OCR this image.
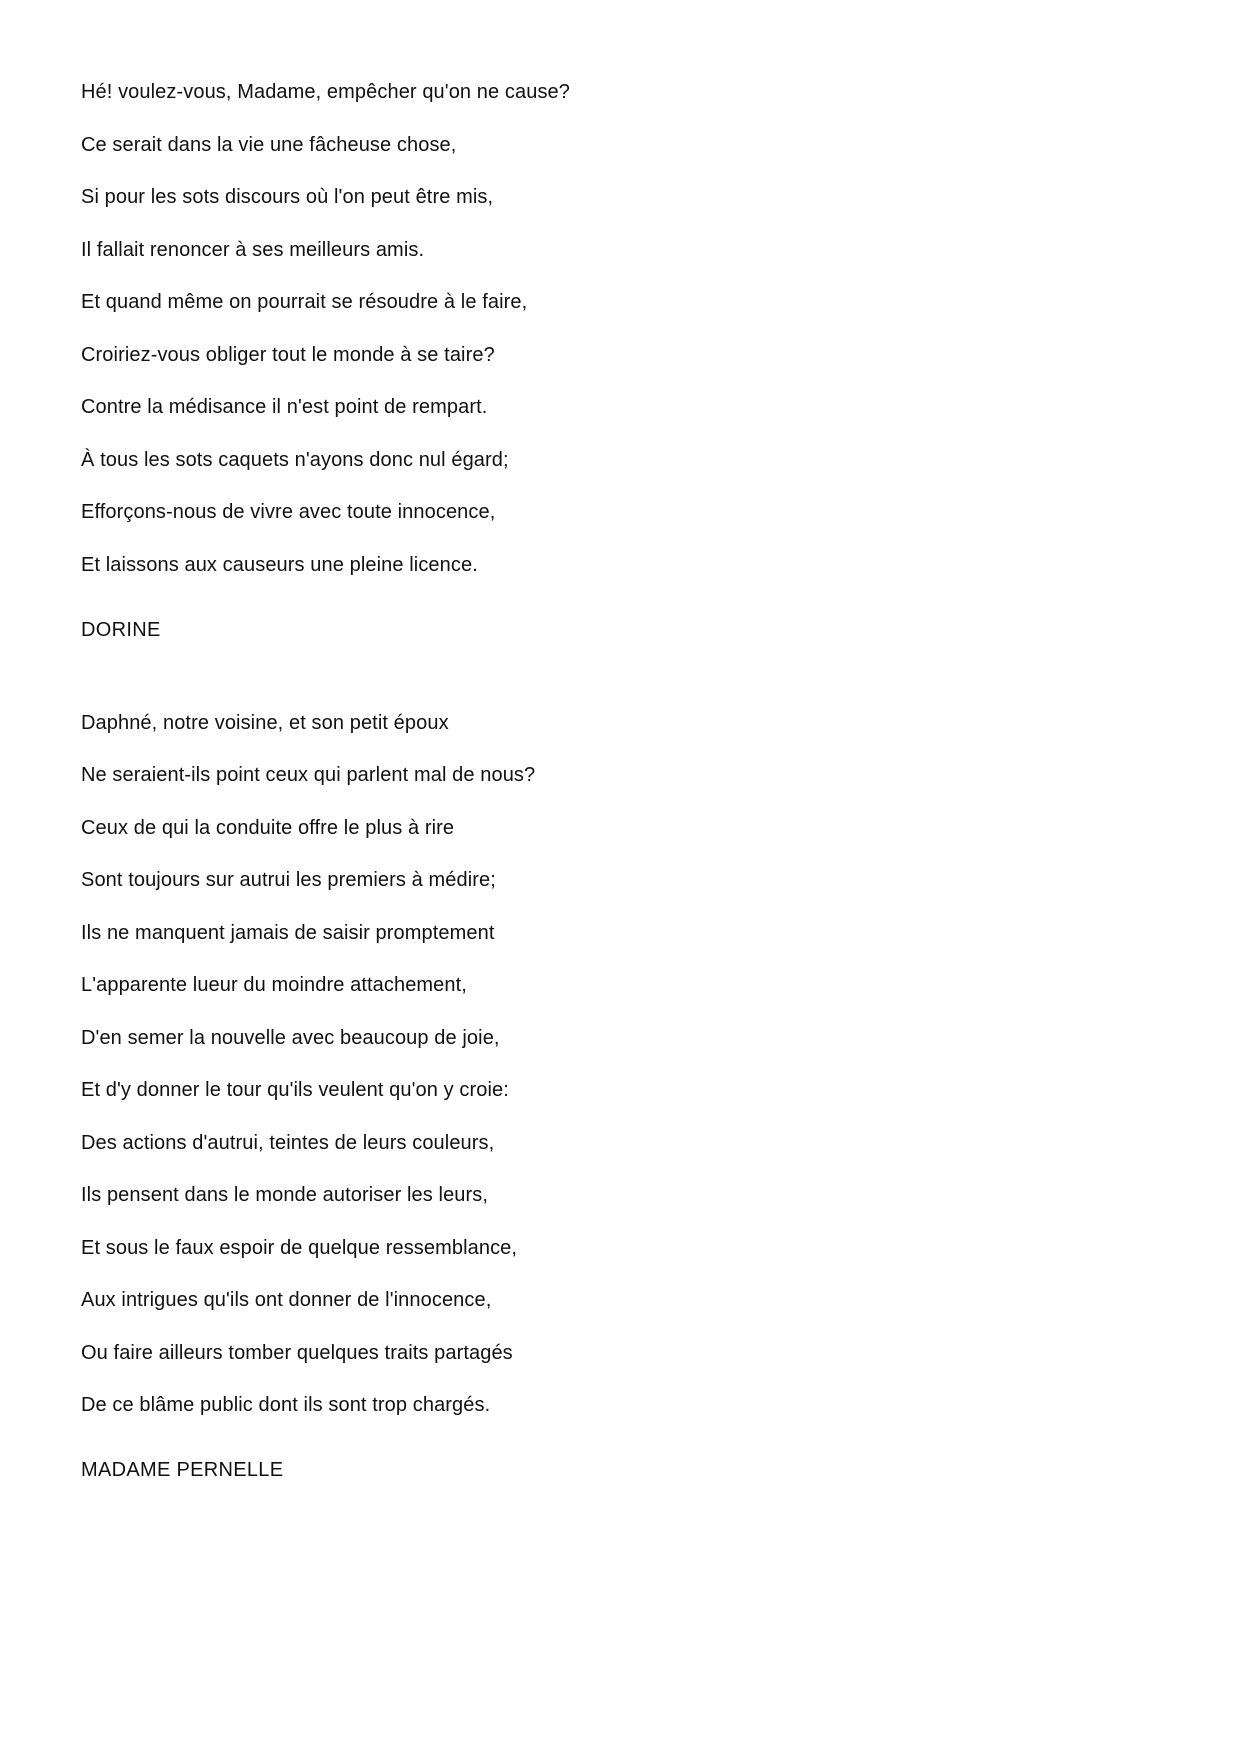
Hé! voulez-vous, Madame, empêcher qu'on ne cause?
Ce serait dans la vie une fâcheuse chose,
Si pour les sots discours où l'on peut être mis,
Il fallait renoncer à ses meilleurs amis.
Et quand même on pourrait se résoudre à le faire,
Croiriez-vous obliger tout le monde à se taire?
Contre la médisance il n'est point de rempart.
À tous les sots caquets n'ayons donc nul égard;
Efforçons-nous de vivre avec toute innocence,
Et laissons aux causeurs une pleine licence.
DORINE
Daphné, notre voisine, et son petit époux
Ne seraient-ils point ceux qui parlent mal de nous?
Ceux de qui la conduite offre le plus à rire
Sont toujours sur autrui les premiers à médire;
Ils ne manquent jamais de saisir promptement
L'apparente lueur du moindre attachement,
D'en semer la nouvelle avec beaucoup de joie,
Et d'y donner le tour qu'ils veulent qu'on y croie:
Des actions d'autrui, teintes de leurs couleurs,
Ils pensent dans le monde autoriser les leurs,
Et sous le faux espoir de quelque ressemblance,
Aux intrigues qu'ils ont donner de l'innocence,
Ou faire ailleurs tomber quelques traits partagés
De ce blâme public dont ils sont trop chargés.
MADAME PERNELLE
